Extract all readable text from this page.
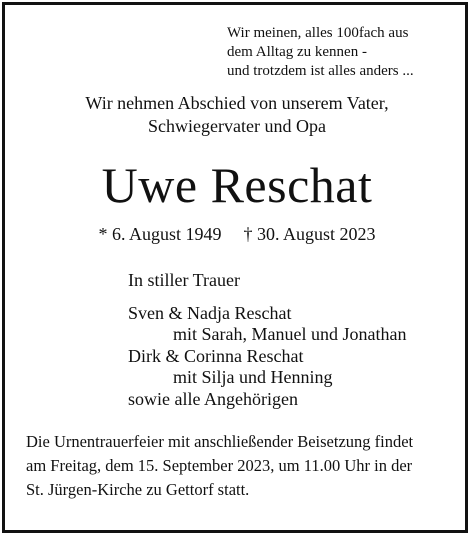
Wir meinen, alles 100fach aus
dem Alltag zu kennen -
und trotzdem ist alles anders ...
Wir nehmen Abschied von unserem Vater,
Schwiegervater und Opa
Uwe Reschat
* 6. August 1949 † 30. August 2023
In stiller Trauer
Sven & Nadja Reschat
mit Sarah, Manuel und Jonathan
Dirk & Corinna Reschat
mit Silja und Henning
sowie alle Angehörigen
Die Urnentrauerfeier mit anschließender Beisetzung findet
am Freitag, dem 15. September 2023, um 11.00 Uhr in der
St. Jürgen-Kirche zu Gettorf statt.
